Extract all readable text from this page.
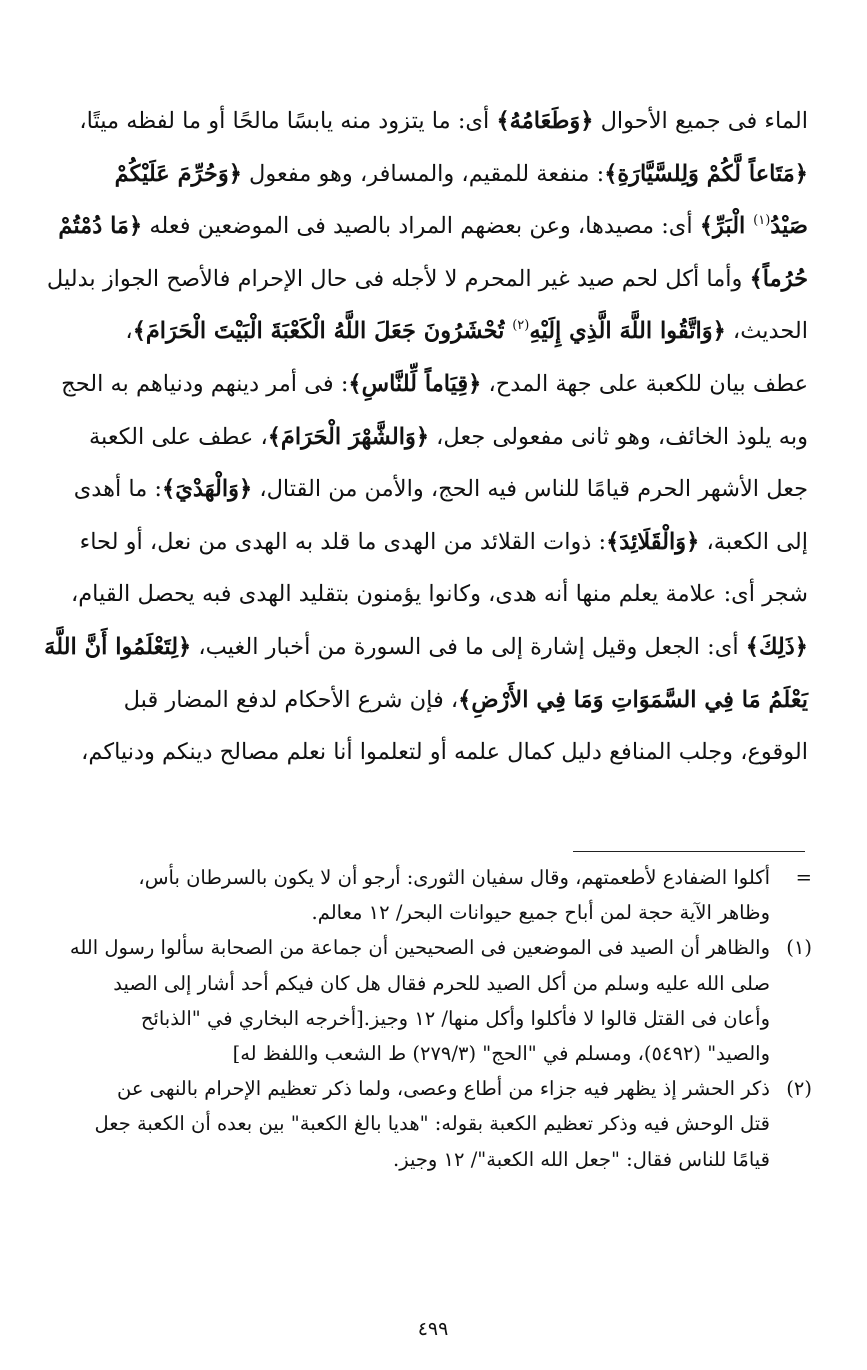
الماء فى جميع الأحوال ﴿وَطَعَامُهُ﴾ أى: ما يتزود منه يابسًا مالحًا أو ما لفظه ميتًا،
﴿مَتَاعاً لَّكُمْ وَلِلسَّيَّارَةِ﴾: منفعة للمقيم، والمسافر، وهو مفعول ﴿وَحُرِّمَ عَلَيْكُمْ
صَيْدُ$^{(١)}$ الْبَرِّ﴾ أى: مصيدها، وعن بعضهم المراد بالصيد فى الموضعين فعله ﴿مَا دُمْتُمْ
حُرُماً﴾ وأما أكل لحم صيد غير المحرم لا لأجله فى حال الإحرام فالأصح الجواز بدليل
الحديث، ﴿وَاتَّقُوا اللَّهَ الَّذِي إِلَيْهِ$^{(٢)}$ تُحْشَرُونَ جَعَلَ اللَّهُ الْكَعْبَةَ الْبَيْتَ الْحَرَامَ﴾،
عطف بيان للكعبة على جهة المدح، ﴿قِيَاماً لِّلنَّاسِ﴾: فى أمر دينهم ودنياهم به الحج
وبه يلوذ الخائف، وهو ثانى مفعولى جعل، ﴿وَالشَّهْرَ الْحَرَامَ﴾، عطف على الكعبة
جعل الأشهر الحرم قيامًا للناس فيه الحج، والأمن من القتال، ﴿وَالْهَدْيَ﴾: ما أهدى
إلى الكعبة، ﴿وَالْقَلَائِدَ﴾: ذوات القلائد من الهدى ما قلد به الهدى من نعل، أو لحاء
شجر أى: علامة يعلم منها أنه هدى، وكانوا يؤمنون بتقليد الهدى فبه يحصل القيام،
﴿ذَلِكَ﴾ أى: الجعل وقيل إشارة إلى ما فى السورة من أخبار الغيب، ﴿لِتَعْلَمُوا أَنَّ اللَّهَ
يَعْلَمُ مَا فِي السَّمَوَاتِ وَمَا فِي الأَرْضِ﴾، فإن شرع الأحكام لدفع المضار قبل
الوقوع، وجلب المنافع دليل كمال علمه أو لتعلموا أنا نعلم مصالح دينكم ودنياكم،
=
أكلوا الضفادع لأطعمتهم، وقال سفيان الثورى: أرجو أن لا يكون بالسرطان بأس،
وظاهر الآية حجة لمن أباح جميع حيوانات البحر/ ١٢ معالم.
(١)
والظاهر أن الصيد فى الموضعين فى الصحيحين أن جماعة من الصحابة سألوا رسول الله
صلى الله عليه وسلم من أكل الصيد للحرم فقال هل كان فيكم أحد أشار إلى الصيد
وأعان فى القتل قالوا لا فأكلوا وأكل منها/ ١٢ وجيز.[أخرجه البخاري في "الذبائح
والصيد" (٥٤٩٢)، ومسلم في "الحج" (٢٧٩/٣) ط الشعب واللفظ له]
(٢)
ذكر الحشر إذ يظهر فيه جزاء من أطاع وعصى، ولما ذكر تعظيم الإحرام بالنهى عن
قتل الوحش فيه وذكر تعظيم الكعبة بقوله: "هديا بالغ الكعبة" بين بعده أن الكعبة جعل
قيامًا للناس فقال: "جعل الله الكعبة"/ ١٢ وجيز.
٤٩٩
